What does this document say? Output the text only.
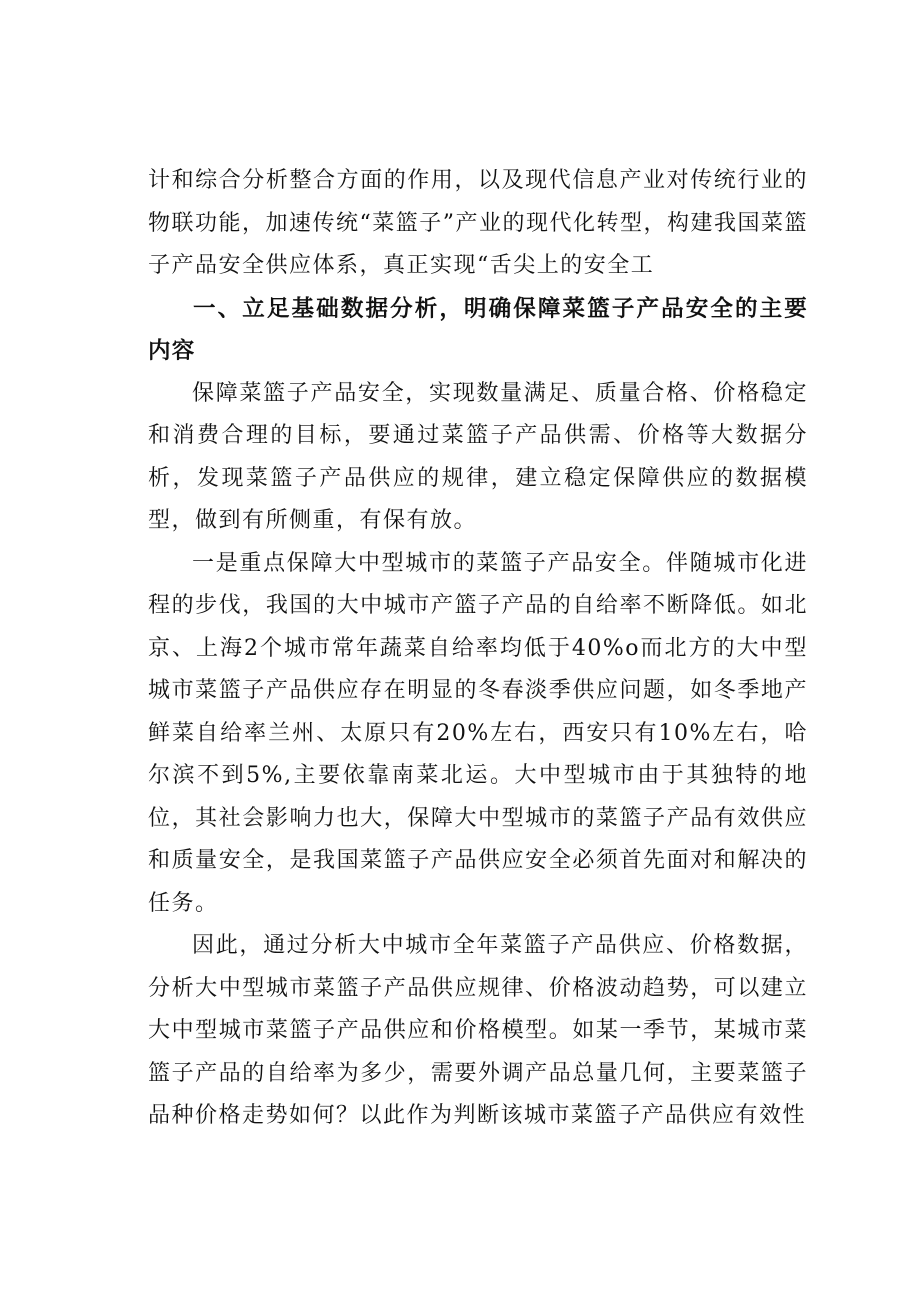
计和综合分析整合方面的作用，以及现代信息产业对传统行业的物联功能，加速传统“菜篮子”产业的现代化转型，构建我国菜篮子产品安全供应体系，真正实现“舌尖上的安全工

一、立足基础数据分析，明确保障菜篮子产品安全的主要内容

保障菜篮子产品安全，实现数量满足、质量合格、价格稳定和消费合理的目标，要通过菜篮子产品供需、价格等大数据分析，发现菜篮子产品供应的规律，建立稳定保障供应的数据模型，做到有所侧重，有保有放。

一是重点保障大中型城市的菜篮子产品安全。伴随城市化进程的步伐，我国的大中城市产篮子产品的自给率不断降低。如北京、上海2个城市常年蔬菜自给率均低于40%o而北方的大中型城市菜篮子产品供应存在明显的冬春淡季供应问题，如冬季地产鲜菜自给率兰州、太原只有20%左右，西安只有10%左右，哈尔滨不到5%,主要依靠南菜北运。大中型城市由于其独特的地位，其社会影响力也大，保障大中型城市的菜篮子产品有效供应和质量安全，是我国菜篮子产品供应安全必须首先面对和解决的任务。

因此，通过分析大中城市全年菜篮子产品供应、价格数据，分析大中型城市菜篮子产品供应规律、价格波动趋势，可以建立大中型城市菜篮子产品供应和价格模型。如某一季节，某城市菜篮子产品的自给率为多少，需要外调产品总量几何，主要菜篮子品种价格走势如何？以此作为判断该城市菜篮子产品供应有效性
